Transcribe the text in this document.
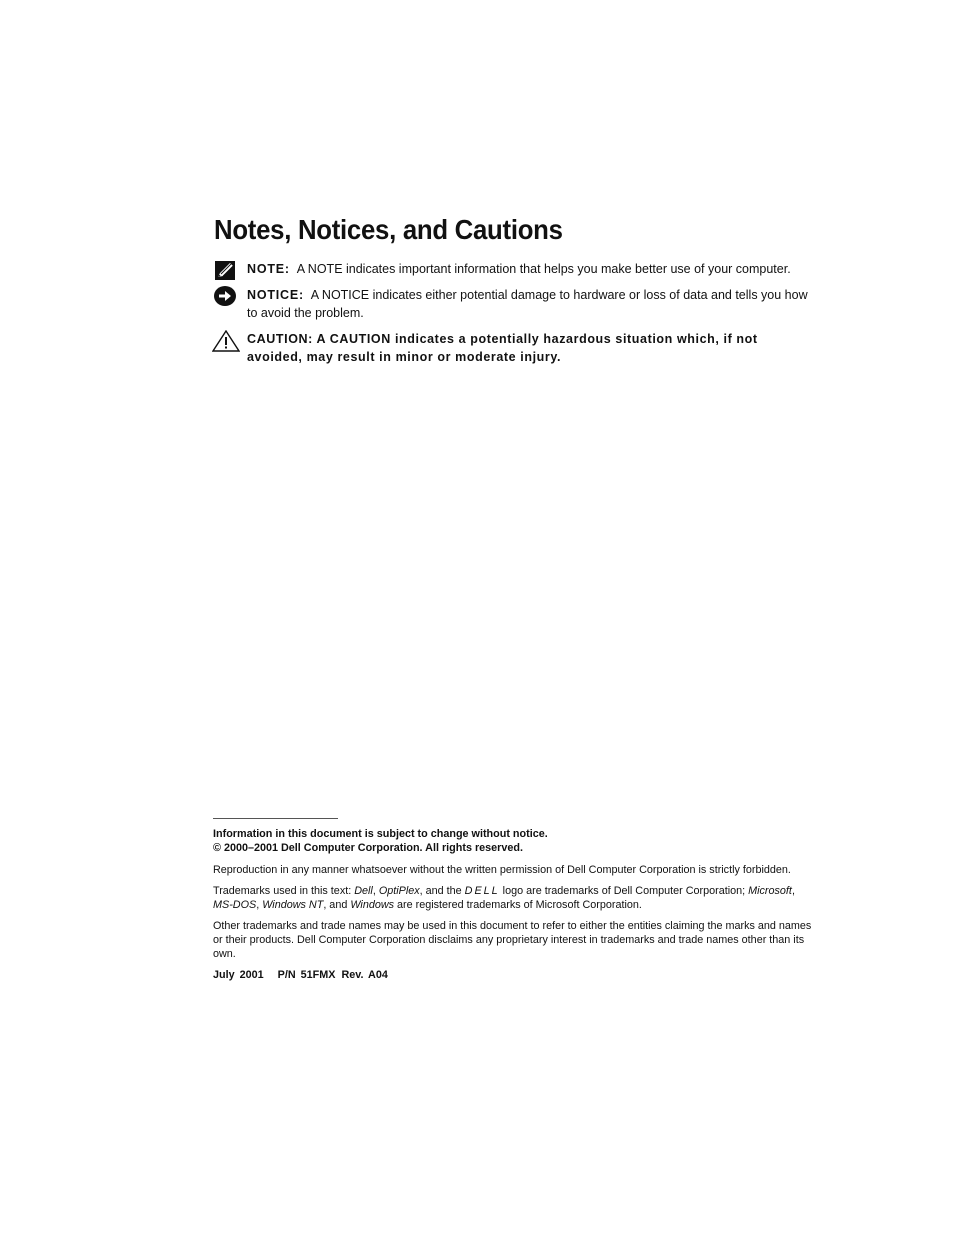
Notes, Notices, and Cautions
NOTE: A NOTE indicates important information that helps you make better use of your computer.
NOTICE: A NOTICE indicates either potential damage to hardware or loss of data and tells you how to avoid the problem.
CAUTION: A CAUTION indicates a potentially hazardous situation which, if not avoided, may result in minor or moderate injury.

Information in this document is subject to change without notice.
© 2000–2001 Dell Computer Corporation. All rights reserved.

Reproduction in any manner whatsoever without the written permission of Dell Computer Corporation is strictly forbidden.

Trademarks used in this text: Dell, OptiPlex, and the DELL logo are trademarks of Dell Computer Corporation; Microsoft, MS-DOS, Windows NT, and Windows are registered trademarks of Microsoft Corporation.

Other trademarks and trade names may be used in this document to refer to either the entities claiming the marks and names or their products. Dell Computer Corporation disclaims any proprietary interest in trademarks and trade names other than its own.

July 2001 P/N 51FMX Rev. A04
